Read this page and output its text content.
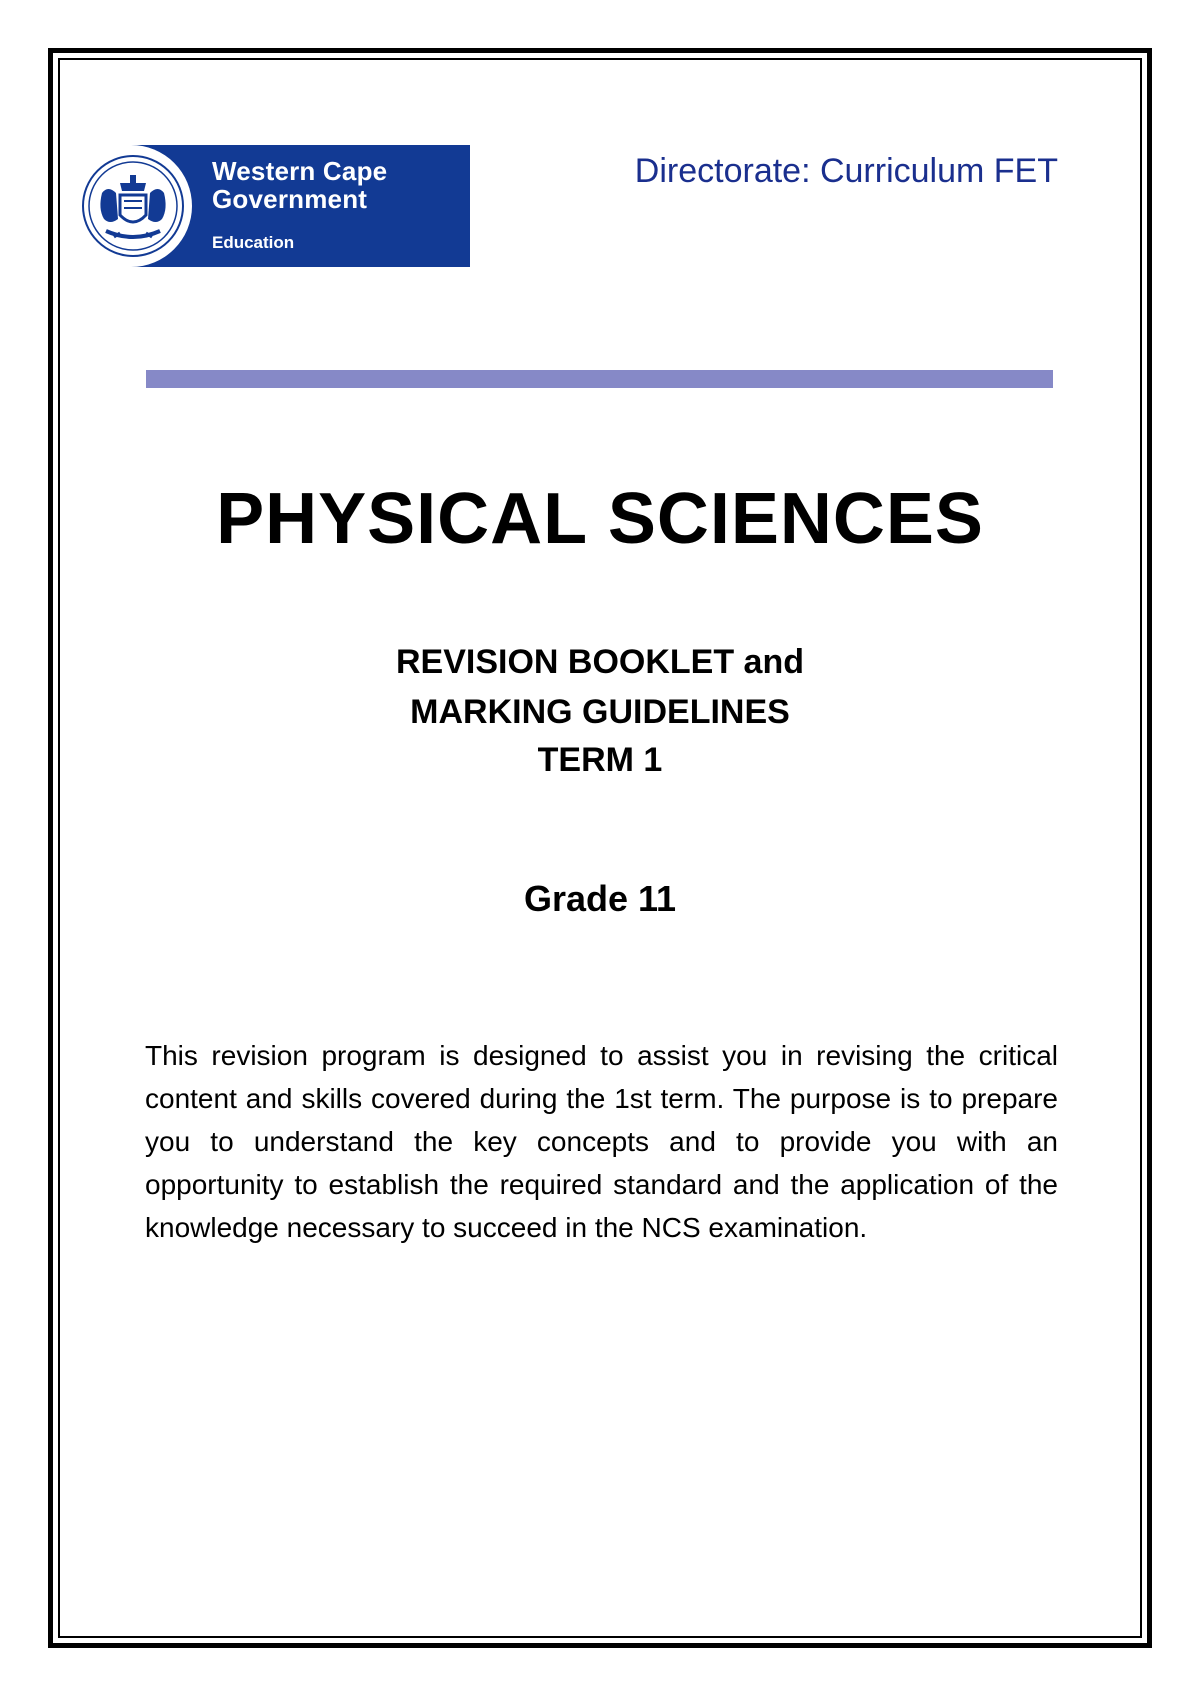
Western Cape
Government
Education
Directorate: Curriculum FET
PHYSICAL SCIENCES
REVISION BOOKLET and
MARKING GUIDELINES
TERM 1
Grade 11
This revision program is designed to assist you in revising the critical content and skills covered during the 1st term. The purpose is to prepare you to understand the key concepts and to provide you with an opportunity to establish the required standard and the application of the knowledge necessary to succeed in the NCS examination.
